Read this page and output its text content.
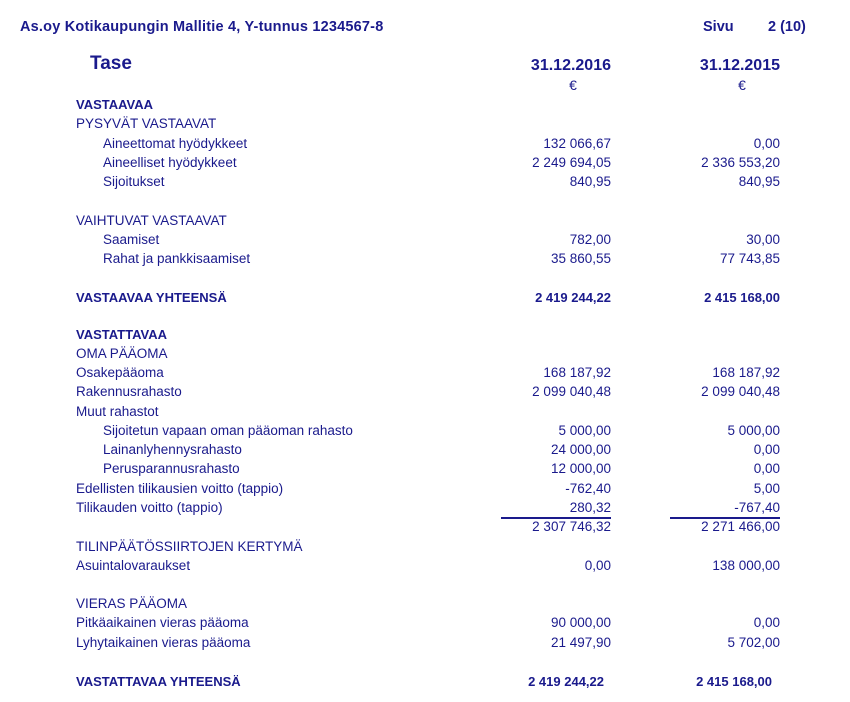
As.oy Kotikaupungin Mallitie 4, Y-tunnus 1234567-8	Sivu 2 (10)
Tase	31.12.2016	31.12.2015
€	€
VASTAAVAA
PYSYVÄT VASTAAVAT
Aineettomat hyödykkeet	132 066,67	0,00
Aineelliset hyödykkeet	2 249 694,05	2 336 553,20
Sijoitukset	840,95	840,95
VAIHTUVAT VASTAAVAT
Saamiset	782,00	30,00
Rahat ja pankkisaamiset	35 860,55	77 743,85
VASTAAVAA YHTEENSÄ	2 419 244,22	2 415 168,00
VASTATTAVAA
OMA PÄÄOMA
Osakepääoma	168 187,92	168 187,92
Rakennusrahasto	2 099 040,48	2 099 040,48
Muut rahastot
Sijoitetun vapaan oman pääoman rahasto	5 000,00	5 000,00
Lainanlyhennysrahasto	24 000,00	0,00
Perusparannusrahasto	12 000,00	0,00
Edellisten tilikausien voitto (tappio)	-762,40	5,00
Tilikauden voitto (tappio)	280,32	-767,40
2 307 746,32	2 271 466,00
TILINPÄÄTÖSSIIRTOJEN KERTYMÄ
Asuintalovaraukset	0,00	138 000,00
VIERAS PÄÄOMA
Pitkäaikainen vieras pääoma	90 000,00	0,00
Lyhytaikainen vieras pääoma	21 497,90	5 702,00
VASTATTAVAA YHTEENSÄ	2 419 244,22	2 415 168,00
